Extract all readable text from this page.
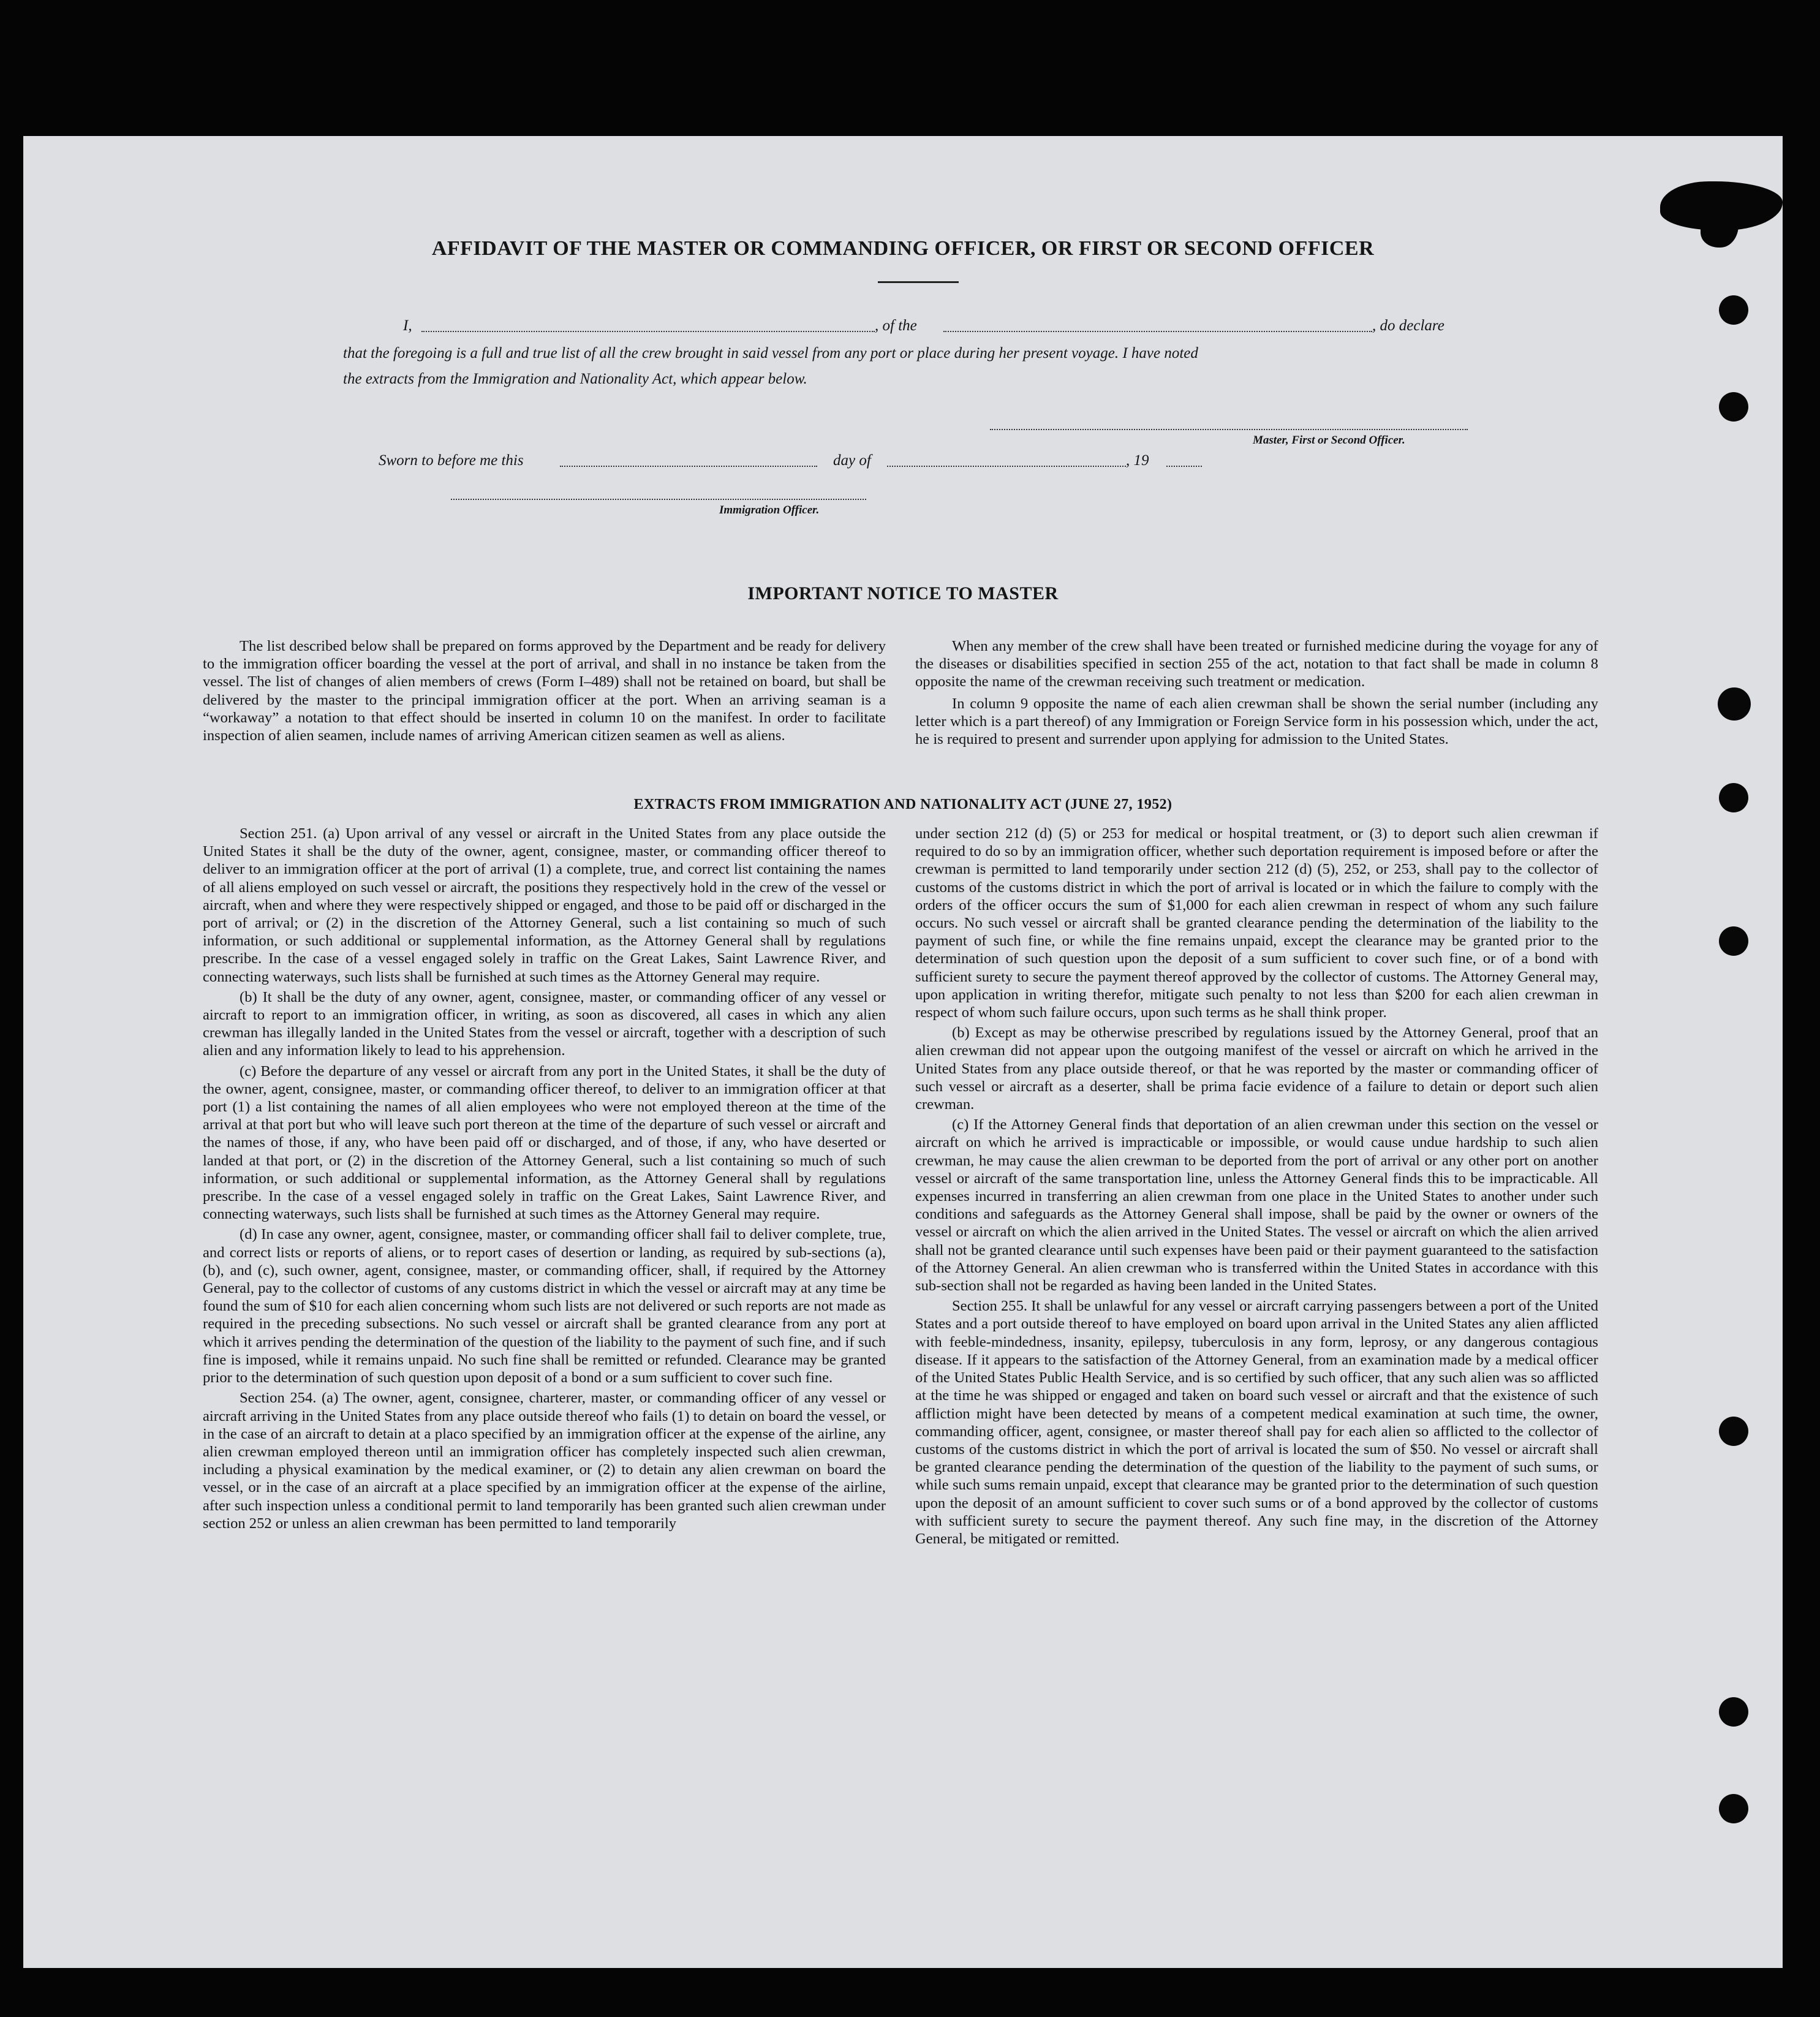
AFFIDAVIT OF THE MASTER OR COMMANDING OFFICER, OR FIRST OR SECOND OFFICER
I,	, of the	, do declare
that the foregoing is a full and true list of all the crew brought in said vessel from any port or place during her present voyage. I have noted
the extracts from the Immigration and Nationality Act, which appear below.
Master, First or Second Officer.
Sworn to before me this	day of	, 19
Immigration Officer.
IMPORTANT NOTICE TO MASTER

The list described below shall be prepared on forms approved by the Department and be ready for delivery to the immigration officer boarding the vessel at the port of arrival, and shall in no instance be taken from the vessel. The list of changes of alien members of crews (Form I–489) shall not be retained on board, but shall be delivered by the master to the principal immigration officer at the port. When an arriving seaman is a “workaway” a notation to that effect should be inserted in column 10 on the manifest. In order to facilitate inspection of alien seamen, include names of arriving American citizen seamen as well as aliens.

When any member of the crew shall have been treated or furnished medicine during the voyage for any of the diseases or disabilities specified in section 255 of the act, notation to that fact shall be made in column 8 opposite the name of the crewman receiving such treatment or medication.

In column 9 opposite the name of each alien crewman shall be shown the serial number (including any letter which is a part thereof) of any Immigration or Foreign Service form in his possession which, under the act, he is required to present and surrender upon applying for admission to the United States.

EXTRACTS FROM IMMIGRATION AND NATIONALITY ACT (JUNE 27, 1952)

Section 251. (a) Upon arrival of any vessel or aircraft in the United States from any place outside the United States it shall be the duty of the owner, agent, consignee, master, or commanding officer thereof to deliver to an immigration officer at the port of arrival (1) a complete, true, and correct list containing the names of all aliens employed on such vessel or aircraft, the positions they respectively hold in the crew of the vessel or aircraft, when and where they were respectively shipped or engaged, and those to be paid off or discharged in the port of arrival; or (2) in the discretion of the Attorney General, such a list containing so much of such information, or such additional or supplemental information, as the Attorney General shall by regulations prescribe. In the case of a vessel engaged solely in traffic on the Great Lakes, Saint Lawrence River, and connecting waterways, such lists shall be furnished at such times as the Attorney General may require.

(b) It shall be the duty of any owner, agent, consignee, master, or commanding officer of any vessel or aircraft to report to an immigration officer, in writing, as soon as discovered, all cases in which any alien crewman has illegally landed in the United States from the vessel or aircraft, together with a description of such alien and any information likely to lead to his apprehension.

(c) Before the departure of any vessel or aircraft from any port in the United States, it shall be the duty of the owner, agent, consignee, master, or commanding officer thereof, to deliver to an immigration officer at that port (1) a list containing the names of all alien employees who were not employed thereon at the time of the arrival at that port but who will leave such port thereon at the time of the departure of such vessel or aircraft and the names of those, if any, who have been paid off or discharged, and of those, if any, who have deserted or landed at that port, or (2) in the discretion of the Attorney General, such a list containing so much of such information, or such additional or supplemental information, as the Attorney General shall by regulations prescribe. In the case of a vessel engaged solely in traffic on the Great Lakes, Saint Lawrence River, and connecting waterways, such lists shall be furnished at such times as the Attorney General may require.

(d) In case any owner, agent, consignee, master, or commanding officer shall fail to deliver complete, true, and correct lists or reports of aliens, or to report cases of desertion or landing, as required by sub-sections (a), (b), and (c), such owner, agent, consignee, master, or commanding officer, shall, if required by the Attorney General, pay to the collector of customs of any customs district in which the vessel or aircraft may at any time be found the sum of $10 for each alien concerning whom such lists are not delivered or such reports are not made as required in the preceding subsections. No such vessel or aircraft shall be granted clearance from any port at which it arrives pending the determination of the question of the liability to the payment of such fine, and if such fine is imposed, while it remains unpaid. No such fine shall be remitted or refunded. Clearance may be granted prior to the determination of such question upon deposit of a bond or a sum sufficient to cover such fine.

Section 254. (a) The owner, agent, consignee, charterer, master, or commanding officer of any vessel or aircraft arriving in the United States from any place outside thereof who fails (1) to detain on board the vessel, or in the case of an aircraft to detain at a placo specified by an immigration officer at the expense of the airline, any alien crewman employed thereon until an immigration officer has completely inspected such alien crewman, including a physical examination by the medical examiner, or (2) to detain any alien crewman on board the vessel, or in the case of an aircraft at a place specified by an immigration officer at the expense of the airline, after such inspection unless a conditional permit to land temporarily has been granted such alien crewman under section 252 or unless an alien crewman has been permitted to land temporarily

under section 212 (d) (5) or 253 for medical or hospital treatment, or (3) to deport such alien crewman if required to do so by an immigration officer, whether such deportation requirement is imposed before or after the crewman is permitted to land temporarily under section 212 (d) (5), 252, or 253, shall pay to the collector of customs of the customs district in which the port of arrival is located or in which the failure to comply with the orders of the officer occurs the sum of $1,000 for each alien crewman in respect of whom any such failure occurs. No such vessel or aircraft shall be granted clearance pending the determination of the liability to the payment of such fine, or while the fine remains unpaid, except the clearance may be granted prior to the determination of such question upon the deposit of a sum sufficient to cover such fine, or of a bond with sufficient surety to secure the payment thereof approved by the collector of customs. The Attorney General may, upon application in writing therefor, mitigate such penalty to not less than $200 for each alien crewman in respect of whom such failure occurs, upon such terms as he shall think proper.

(b) Except as may be otherwise prescribed by regulations issued by the Attorney General, proof that an alien crewman did not appear upon the outgoing manifest of the vessel or aircraft on which he arrived in the United States from any place outside thereof, or that he was reported by the master or commanding officer of such vessel or aircraft as a deserter, shall be prima facie evidence of a failure to detain or deport such alien crewman.

(c) If the Attorney General finds that deportation of an alien crewman under this section on the vessel or aircraft on which he arrived is impracticable or impossible, or would cause undue hardship to such alien crewman, he may cause the alien crewman to be deported from the port of arrival or any other port on another vessel or aircraft of the same transportation line, unless the Attorney General finds this to be impracticable. All expenses incurred in transferring an alien crewman from one place in the United States to another under such conditions and safeguards as the Attorney General shall impose, shall be paid by the owner or owners of the vessel or aircraft on which the alien arrived in the United States. The vessel or aircraft on which the alien arrived shall not be granted clearance until such expenses have been paid or their payment guaranteed to the satisfaction of the Attorney General. An alien crewman who is transferred within the United States in accordance with this sub-section shall not be regarded as having been landed in the United States.

Section 255. It shall be unlawful for any vessel or aircraft carrying passengers between a port of the United States and a port outside thereof to have employed on board upon arrival in the United States any alien afflicted with feeble-mindedness, insanity, epilepsy, tuberculosis in any form, leprosy, or any dangerous contagious disease. If it appears to the satisfaction of the Attorney General, from an examination made by a medical officer of the United States Public Health Service, and is so certified by such officer, that any such alien was so afflicted at the time he was shipped or engaged and taken on board such vessel or aircraft and that the existence of such affliction might have been detected by means of a competent medical examination at such time, the owner, commanding officer, agent, consignee, or master thereof shall pay for each alien so afflicted to the collector of customs of the customs district in which the port of arrival is located the sum of $50. No vessel or aircraft shall be granted clearance pending the determination of the question of the liability to the payment of such sums, or while such sums remain unpaid, except that clearance may be granted prior to the determination of such question upon the deposit of an amount sufficient to cover such sums or of a bond approved by the collector of customs with sufficient surety to secure the payment thereof. Any such fine may, in the discretion of the Attorney General, be mitigated or remitted.
